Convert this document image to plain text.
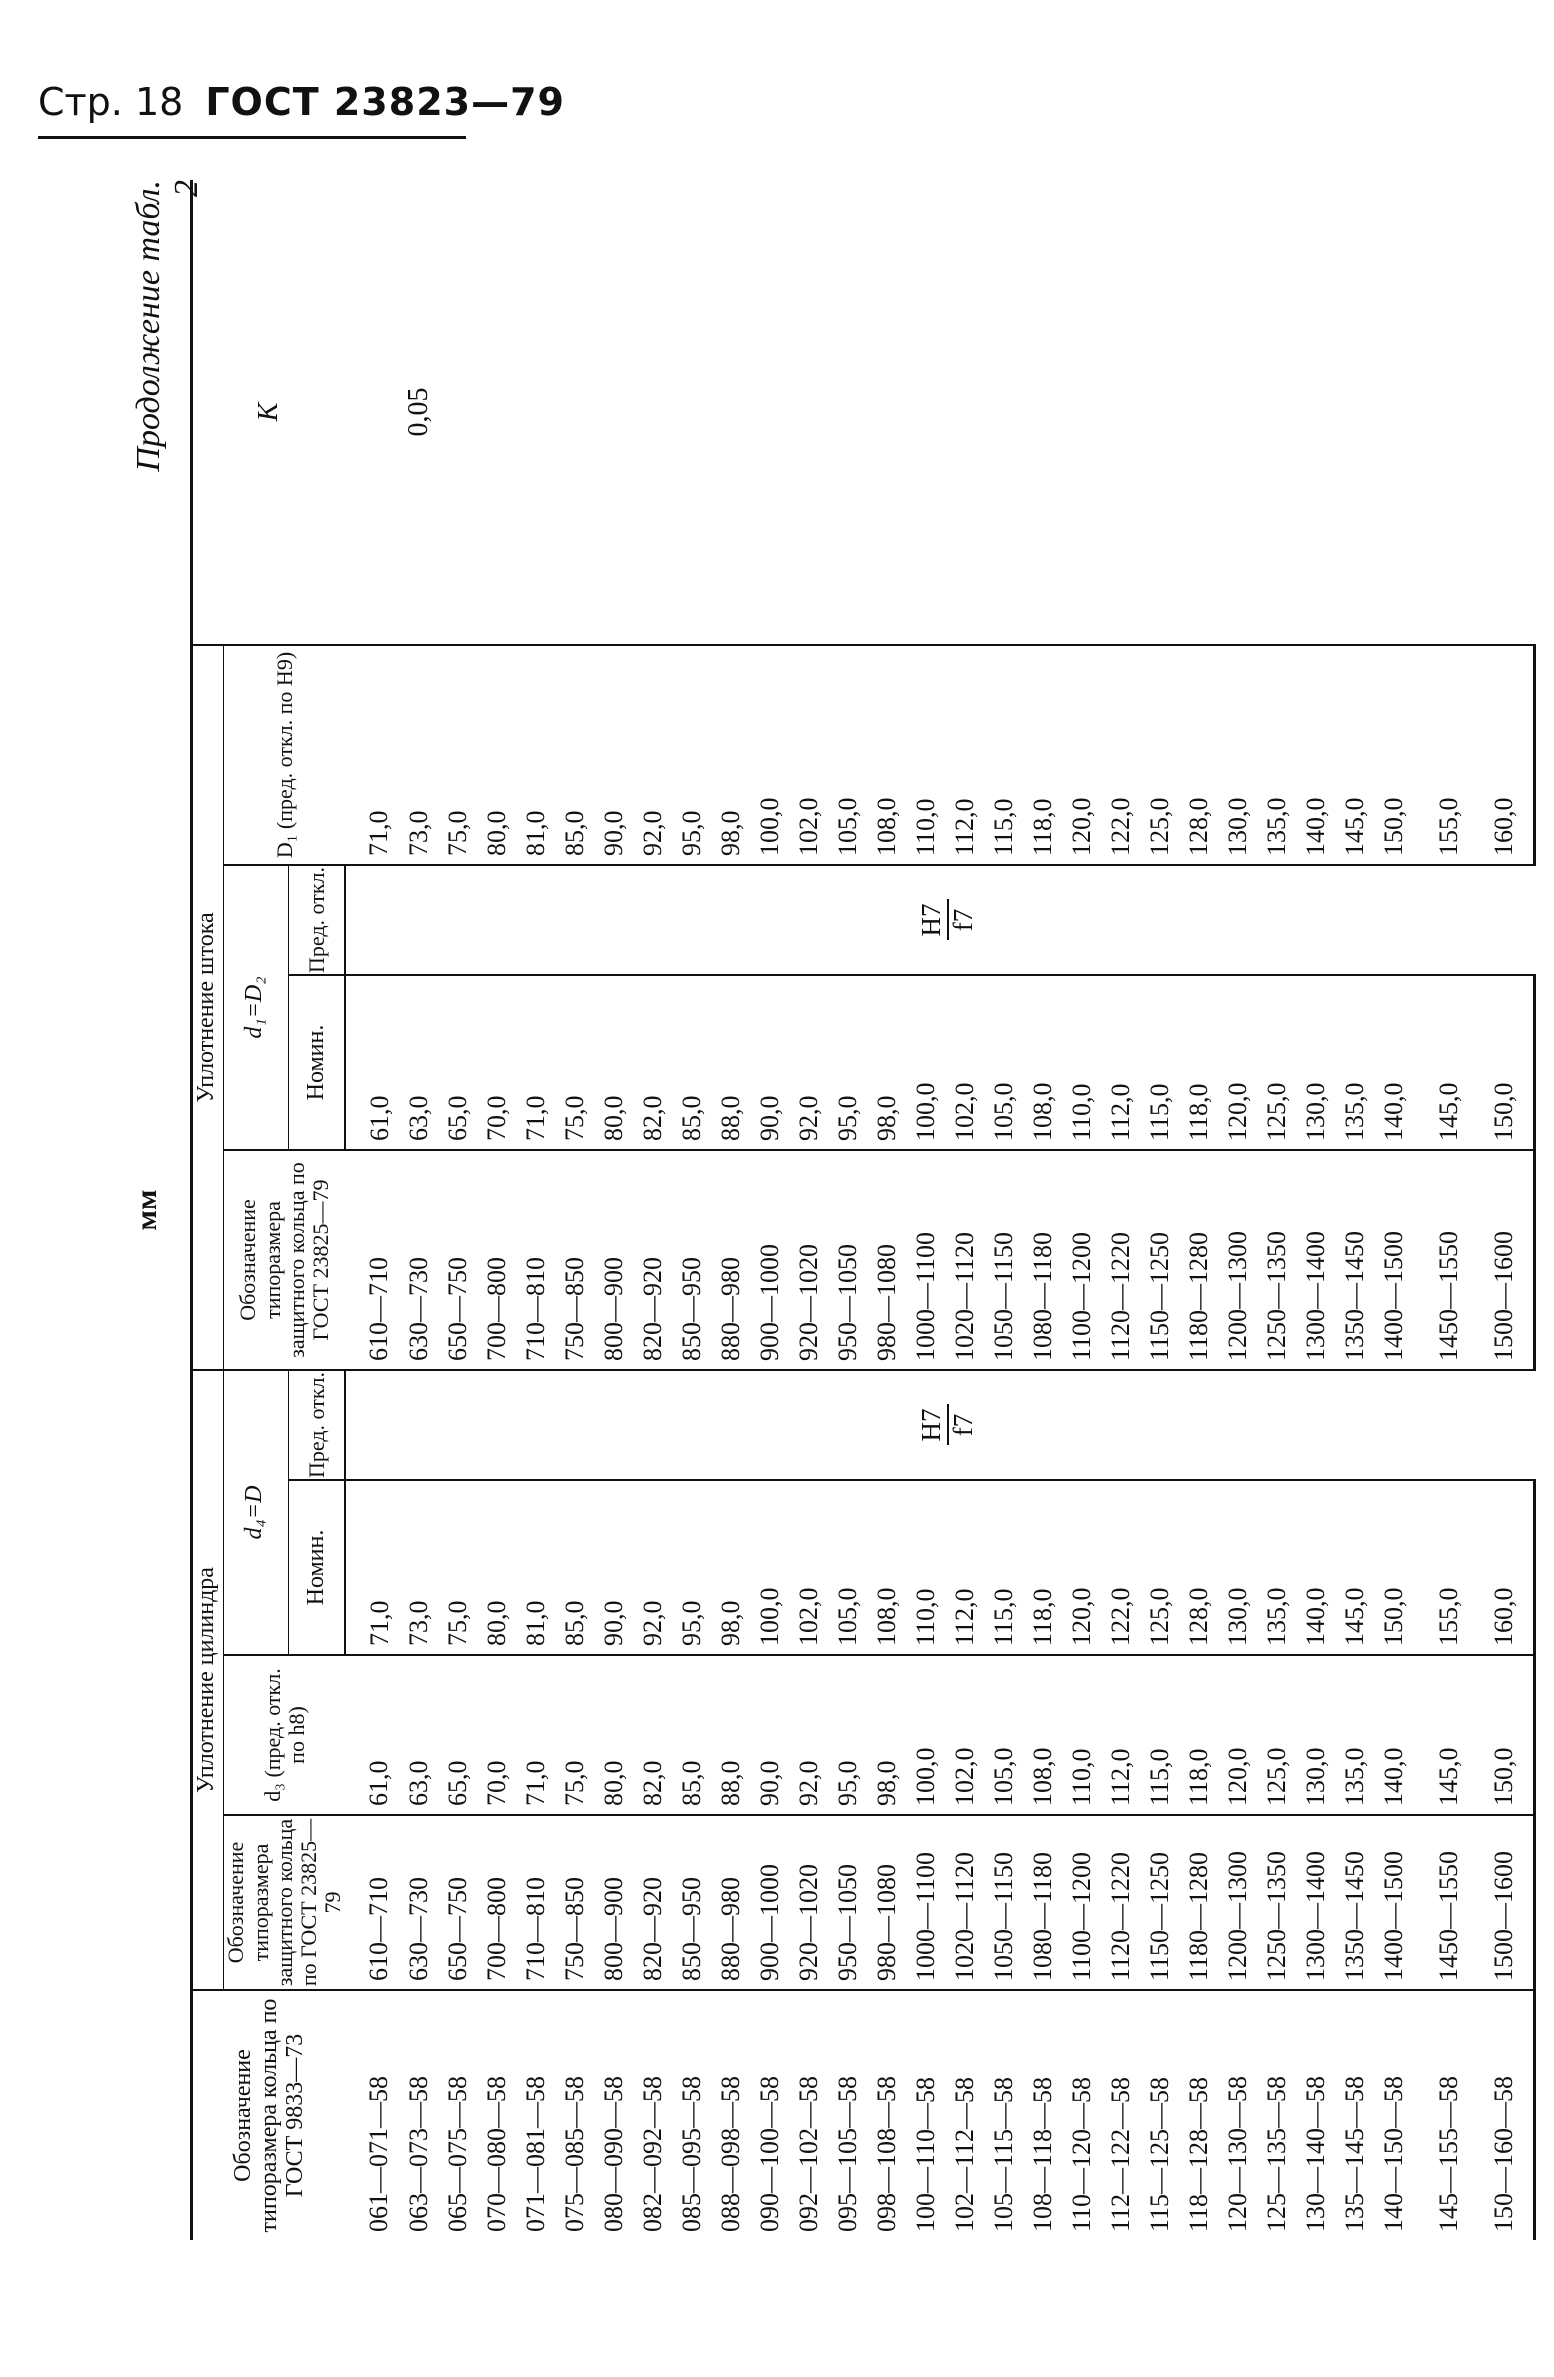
Стр. 18 ГОСТ 23823—79
мм
Продолжение табл. 2
Обозначение типоразмера кольца по ГОСТ 9833—73	Уплотнение цилиндра				Уплотнение штока				K
	Обозначение типоразмера защитного кольца по ГОСТ 23825—79	d₃ (пред. откл. по h8)	d₄=D		Обозначение типоразмера защитного кольца по ГОСТ 23825—79	d₁=D₂		D₁ (пред. откл. по H9)	
			Номин.	Пред. откл.		Номин.	Пред. откл.		
061—071—58	610—710	61,0	71,0	H7 f7	610—710	61,0	H7 f7	71,0	0,05
063—073—58	630—730	63,0	73,0		630—730	63,0		73,0	
065—075—58	650—750	65,0	75,0		650—750	65,0		75,0	
070—080—58	700—800	70,0	80,0		700—800	70,0		80,0	
071—081—58	710—810	71,0	81,0		710—810	71,0		81,0	
075—085—58	750—850	75,0	85,0		750—850	75,0		85,0	
080—090—58	800—900	80,0	90,0		800—900	80,0		90,0	
082—092—58	820—920	82,0	92,0		820—920	82,0		92,0	
085—095—58	850—950	85,0	95,0		850—950	85,0		95,0	
088—098—58	880—980	88,0	98,0		880—980	88,0		98,0	
090—100—58	900—1000	90,0	100,0		900—1000	90,0		100,0	
092—102—58	920—1020	92,0	102,0		920—1020	92,0		102,0	
095—105—58	950—1050	95,0	105,0		950—1050	95,0		105,0	
098—108—58	980—1080	98,0	108,0		980—1080	98,0		108,0	
100—110—58	1000—1100	100,0	110,0		1000—1100	100,0		110,0	
102—112—58	1020—1120	102,0	112,0		1020—1120	102,0		112,0	
105—115—58	1050—1150	105,0	115,0		1050—1150	105,0		115,0	
108—118—58	1080—1180	108,0	118,0		1080—1180	108,0		118,0	
110—120—58	1100—1200	110,0	120,0		1100—1200	110,0		120,0	
112—122—58	1120—1220	112,0	122,0		1120—1220	112,0		122,0	
115—125—58	1150—1250	115,0	125,0		1150—1250	115,0		125,0	
118—128—58	1180—1280	118,0	128,0		1180—1280	118,0		128,0	
120—130—58	1200—1300	120,0	130,0		1200—1300	120,0		130,0	
125—135—58	1250—1350	125,0	135,0		1250—1350	125,0		135,0	
130—140—58	1300—1400	130,0	140,0		1300—1400	130,0		140,0	
135—145—58	1350—1450	135,0	145,0		1350—1450	135,0		145,0	
140—150—58	1400—1500	140,0	150,0		1400—1500	140,0		150,0	
145—155—58	1450—1550	145,0	155,0		1450—1550	145,0		155,0	
150—160—58	1500—1600	150,0	160,0		1500—1600	150,0		160,0	
